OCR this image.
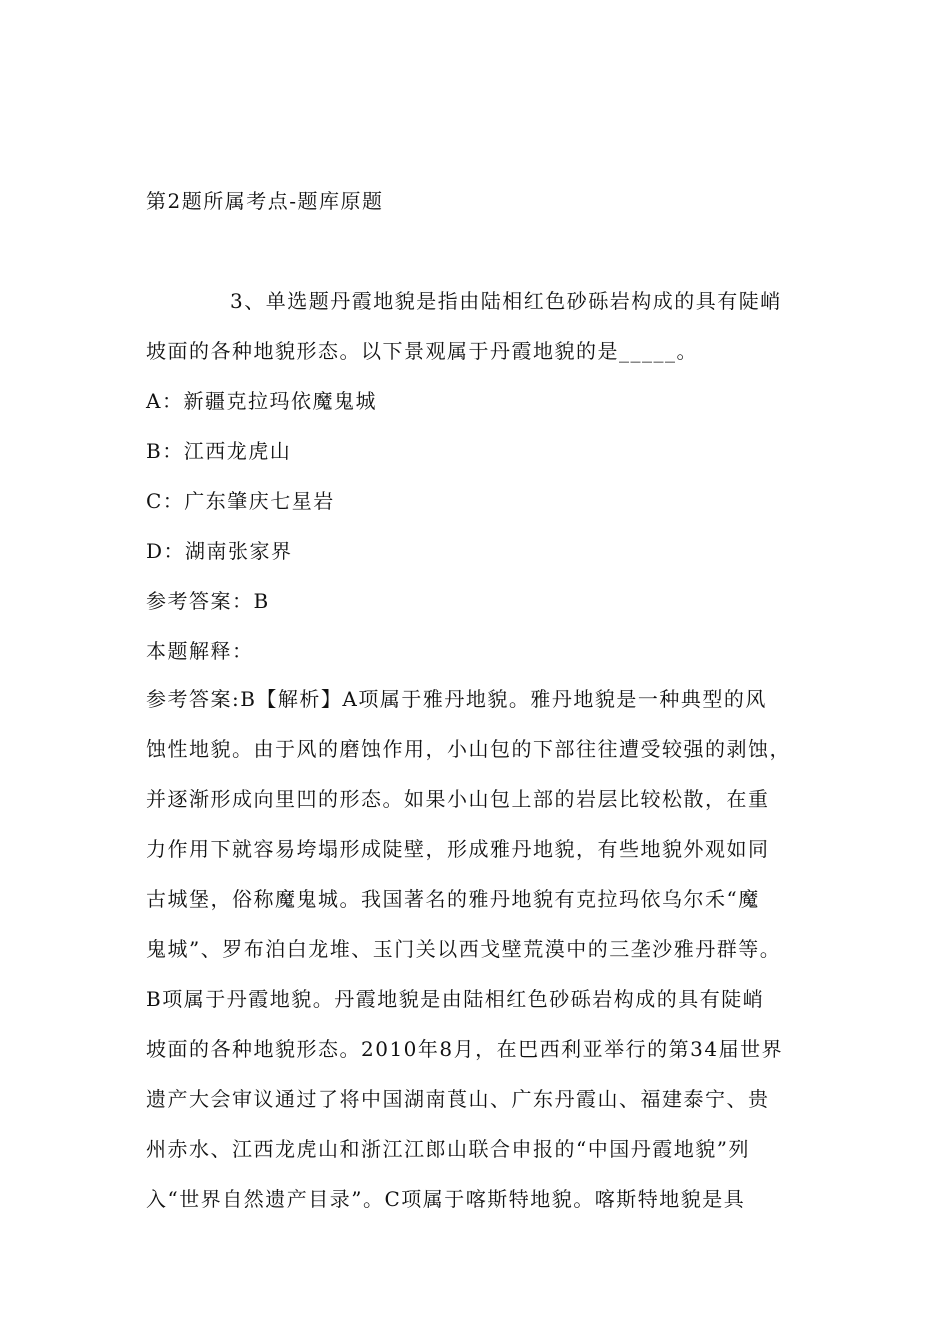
第2题所属考点-题库原题
3、单选题丹霞地貌是指由陆相红色砂砾岩构成的具有陡峭
坡面的各种地貌形态。以下景观属于丹霞地貌的是_____。
A：新疆克拉玛依魔鬼城
B：江西龙虎山
C：广东肇庆七星岩
D：湖南张家界
参考答案：B
本题解释：
参考答案:B【解析】A项属于雅丹地貌。雅丹地貌是一种典型的风
蚀性地貌。由于风的磨蚀作用，小山包的下部往往遭受较强的剥蚀，
并逐渐形成向里凹的形态。如果小山包上部的岩层比较松散，在重
力作用下就容易垮塌形成陡壁，形成雅丹地貌，有些地貌外观如同
古城堡，俗称魔鬼城。我国著名的雅丹地貌有克拉玛依乌尔禾“魔
鬼城”、罗布泊白龙堆、玉门关以西戈壁荒漠中的三垄沙雅丹群等。
B项属于丹霞地貌。丹霞地貌是由陆相红色砂砾岩构成的具有陡峭
坡面的各种地貌形态。2010年8月，在巴西利亚举行的第34届世界
遗产大会审议通过了将中国湖南莨山、广东丹霞山、福建泰宁、贵
州赤水、江西龙虎山和浙江江郎山联合申报的“中国丹霞地貌”列
入“世界自然遗产目录”。C项属于喀斯特地貌。喀斯特地貌是具
